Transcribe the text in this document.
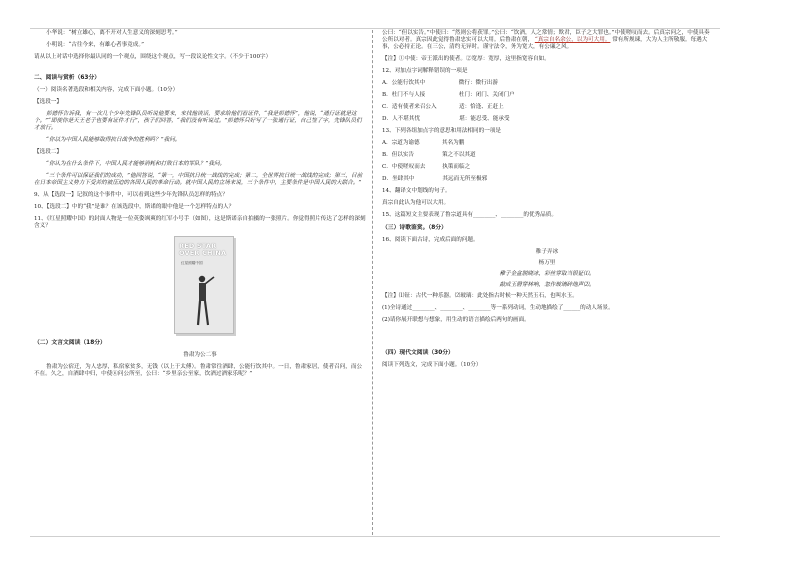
小华说：“树立雄心，离不开对人生意义的深刻思考。”

小明说：“古往今来，有雄心者事竟成。”

请从以上对话中选择你最认同的一个观点，围绕这个观点，写一段议论性文字。（不少于100字）

二、阅读与赏析（63分）

（一）阅读名著选段和相关内容，完成下面小题。（10分）

【选段一】

彭德怀告诉我，有一次几个少年先锋队员听说他要来，来找他谈话，要求给他们看证件，“我是彭德怀”，他说，“通行证就是这个。”“即使你是天王老子也要有证件才行”，孩子们回答，“我们没有听说过。”彭德怀只好写了一张通行证，自己签了字，先锋队员们才放行。

“你以为中国人民能够取得抗日战争的胜利吗？”我问。

【选段二】

“你认为在什么条件下，中国人民才能够消耗和打败日本的军队？”我问。

“三个条件可以保证我们的成功，”他回答说，“第一，中国抗日统一战线的完成；第二，全世界抗日统一战线的完成；第三，目前在日本帝国主义势力下受苦的被压迫的各国人民的革命行动。就中国人民的立场来说，三个条件中，主要条件是中国人民的大联合。”

9、从【选段一】记叙的这个事件中，可以看到这些少年先锋队员怎样的特点？

10、【选段二】中的“我”是谁？在该选段中，斯诺的眼中他是一个怎样特点的人？

11、《红星照耀中国》的封面人物是一位英姿飒爽的红军小号手（如图），这是斯诺亲自拍摄的一张照片。你觉得照片传达了怎样的深刻含义？

RED STAR
OVER CHINA
红星照耀中国

（二）文言文阅读（18分）

鲁肃为公二事

鲁肃为公宿迁，为人忠厚，私宿家贫多，无钱（以上于太傅）。鲁肃常往酒肆，公能行饮其中。一日，鲁肃家居，使者召问，而公不在。久之，自酒肆中归，中使⑥问公所至，公曰：“乡里亲公至家，饮酒过酒家乐呢？”

公曰：“但以实告。”中使曰：“然则公将获罪。”公曰：“饮酒，人之常情；欺君，臣子之大罪也。”中使嗟叹而去。后真宗问之，中使具奏公所以对者。真宗因此觉得鲁肃忠实可以大用。后鲁肃在朝， “真宗自名余公，以为可大用。 常有所规谏，大为人主所敬服。每遇大事，公必持正论。在三公，清约无异时。谨守法令，务为宽大，有公廉之风。

【注】①中使：帝王派出的使者。②宽厚：宽厚，这里指宽容自如。

12、对加点字词解释错误的一项是

A．公能行饮其中　　　　　　微行：微行出游

B．杜门不与人接　　　　　　杜门：闭门、关闭门户

C．适有使者来召公入　　　　适：恰逢、正赶上

D．人不堪其忧　　　　　　　堪：能忍受、能承受

13、下列各组加点字的意思和用法相同的一项是

A．宗道为谕德　　　　其名为鹏

B．但以实告　　　　　策之不以其道

C．中使嗟叹而去　　　执策而临之

D．坐肆其中　　　　　其远而无所至极邪

14、翻译文中划线的句子。

真宗自此认为他可以大用。

15、这篇短文主要表现了鲁宗道具有________、________的优秀品质。

（三）诗歌鉴赏。（8分）

16、阅读下面古诗，完成后面的问题。

稚子弄冰

杨万里

稚子金盆脱晓冰，彩丝穿取当银钲⑴。

敲成玉磬穿林响，忽作玻璃碎地声⑵。

【注】⑴钲：古代一种乐器。⑵玻璃：此处指古时候一种天然玉石，也叫水玉。

(1)全诗通过________、________、________等一系列动词，生动地描绘了______的动人场景。

(2)请你展开联想与想象，用生动的语言描绘后两句的画面。

（四）现代文阅读（30分）

阅读下列选文，完成下面小题。（10分）
